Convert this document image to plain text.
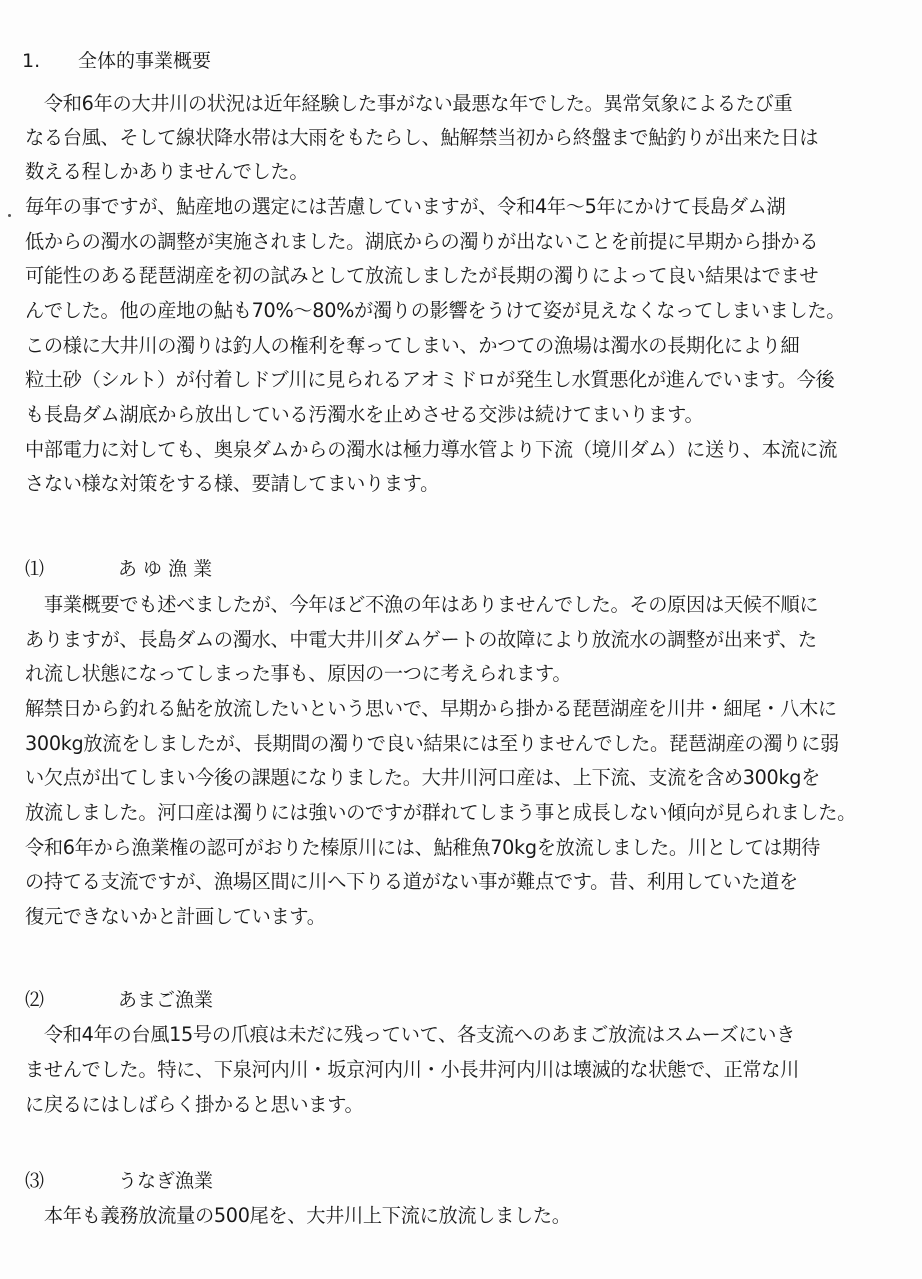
1. 全体的事業概要
　令和6年の大井川の状況は近年経験した事がない最悪な年でした。異常気象によるたび重
なる台風、そして線状降水帯は大雨をもたらし、鮎解禁当初から終盤まで鮎釣りが出来た日は
数える程しかありませんでした。
毎年の事ですが、鮎産地の選定には苦慮していますが、令和4年～5年にかけて長島ダム湖
低からの濁水の調整が実施されました。湖底からの濁りが出ないことを前提に早期から掛かる
可能性のある琵琶湖産を初の試みとして放流しましたが長期の濁りによって良い結果はでませ
んでした。他の産地の鮎も70%～80%が濁りの影響をうけて姿が見えなくなってしまいました。
この様に大井川の濁りは釣人の権利を奪ってしまい、かつての漁場は濁水の長期化により細
粒土砂（シルト）が付着しドブ川に見られるアオミドロが発生し水質悪化が進んでいます。今後
も長島ダム湖底から放出している汚濁水を止めさせる交渉は続けてまいります。
中部電力に対しても、奥泉ダムからの濁水は極力導水管より下流（境川ダム）に送り、本流に流
さない様な対策をする様、要請してまいります。
⑴	あ ゆ 漁 業
　事業概要でも述べましたが、今年ほど不漁の年はありませんでした。その原因は天候不順に
ありますが、長島ダムの濁水、中電大井川ダムゲートの故障により放流水の調整が出来ず、た
れ流し状態になってしまった事も、原因の一つに考えられます。
解禁日から釣れる鮎を放流したいという思いで、早期から掛かる琵琶湖産を川井・細尾・八木に
300kg放流をしましたが、長期間の濁りで良い結果には至りませんでした。琵琶湖産の濁りに弱
い欠点が出てしまい今後の課題になりました。大井川河口産は、上下流、支流を含め300kgを
放流しました。河口産は濁りには強いのですが群れてしまう事と成長しない傾向が見られました。
令和6年から漁業権の認可がおりた榛原川には、鮎稚魚70kgを放流しました。川としては期待
の持てる支流ですが、漁場区間に川へ下りる道がない事が難点です。昔、利用していた道を
復元できないかと計画しています。
⑵	あまご漁業
　令和4年の台風15号の爪痕は未だに残っていて、各支流へのあまご放流はスムーズにいき
ませんでした。特に、下泉河内川・坂京河内川・小長井河内川は壊滅的な状態で、正常な川
に戻るにはしばらく掛かると思います。
⑶	うなぎ漁業
　本年も義務放流量の500尾を、大井川上下流に放流しました。
